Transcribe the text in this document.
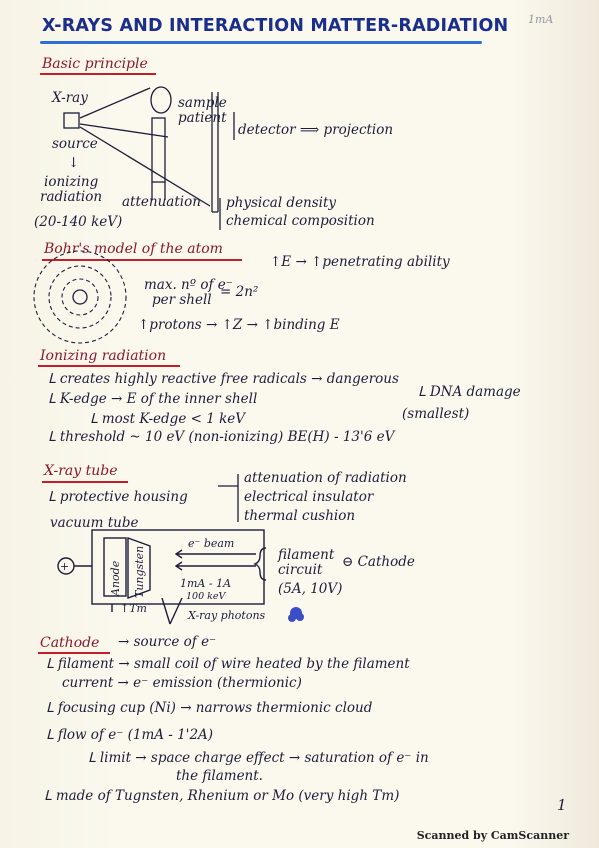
X-RAYS AND INTERACTION MATTER-RADIATION 1mA
Basic principle
X-ray
source
↓
ionizing
radiation
(20-140 keV)
sample
patient
attenuation
detector ⟹ projection
physical density
chemical composition
Bohr's model of the atom
max. nº of e⁻
per shell = 2n²
↑E → ↑penetrating ability
↑protons → ↑Z → ↑binding E
Ionizing radiation
ᒪ creates highly reactive free radicals → dangerous
ᒪ DNA damage
ᒪ K-edge → E of the inner shell
ᒪ most K-edge < 1 keV	(smallest)
ᒪ threshold ~ 10 eV (non-ionizing) BE(H) - 13'6 eV
X-ray tube
ᒪ protective housing
attenuation of radiation
electrical insulator
thermal cushion
vacuum tube
+	Anode Tungsten
e⁻ beam
1mA - 1A
100 keV
↑Tm
X-ray photons
filament
circuit ⊖ Cathode
(5A, 10V)
Cathode → source of e⁻
ᒪ filament → small coil of wire heated by the filament
current → e⁻ emission (thermionic)
ᒪ focusing cup (Ni) → narrows thermionic cloud
ᒪ flow of e⁻ (1mA - 1'2A)
ᒪ limit → space charge effect → saturation of e⁻ in
the filament.
ᒪ made of Tugnsten, Rhenium or Mo (very high Tm)	1
Scanned by CamScanner
